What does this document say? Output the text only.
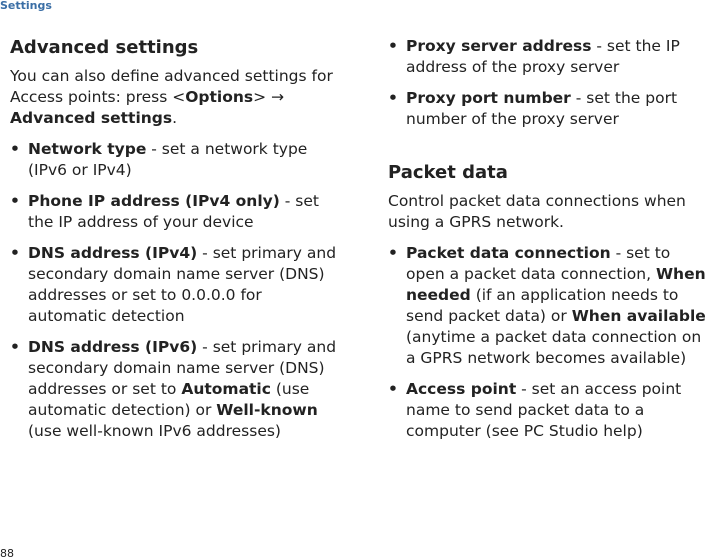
Settings
Advanced settings

You can also define advanced settings for Access points: press <Options> → Advanced settings.

• Network type - set a network type (IPv6 or IPv4)
• Phone IP address (IPv4 only) - set the IP address of your device
• DNS address (IPv4) - set primary and secondary domain name server (DNS) addresses or set to 0.0.0.0 for automatic detection
• DNS address (IPv6) - set primary and secondary domain name server (DNS) addresses or set to Automatic (use automatic detection) or Well-known (use well-known IPv6 addresses)
• Proxy server address - set the IP address of the proxy server
• Proxy port number - set the port number of the proxy server
Packet data

Control packet data connections when using a GPRS network.

• Packet data connection - set to open a packet data connection, When needed (if an application needs to send packet data) or When available (anytime a packet data connection on a GPRS network becomes available)
• Access point - set an access point name to send packet data to a computer (see PC Studio help)
88
